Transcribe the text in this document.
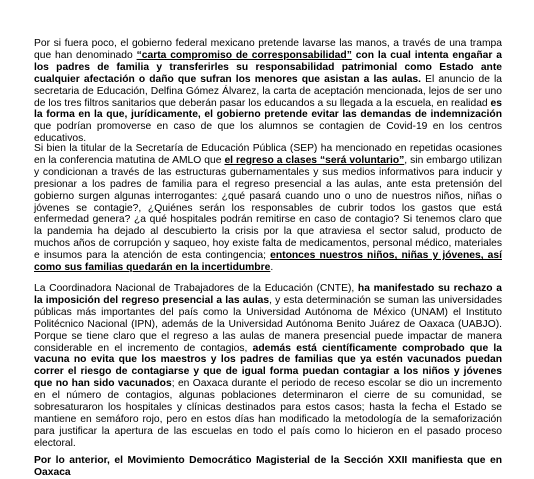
Por si fuera poco, el gobierno federal mexicano pretende lavarse las manos, a través de una trampa que han denominado “carta compromiso de corresponsabilidad” con la cual intenta engañar a los padres de familia y transferirles su responsabilidad patrimonial como Estado ante cualquier afectación o daño que sufran los menores que asistan a las aulas. El anuncio de la secretaria de Educación, Delfina Gómez Álvarez, la carta de aceptación mencionada, lejos de ser uno de los tres filtros sanitarios que deberán pasar los educandos a su llegada a la escuela, en realidad es la forma en la que, jurídicamente, el gobierno pretende evitar las demandas de indemnización que podrían promoverse en caso de que los alumnos se contagien de Covid-19 en los centros educativos.

Si bien la titular de la Secretaría de Educación Pública (SEP) ha mencionado en repetidas ocasiones en la conferencia matutina de AMLO que el regreso a clases “será voluntario”, sin embargo utilizan y condicionan a través de las estructuras gubernamentales y sus medios informativos para inducir y presionar a los padres de familia para el regreso presencial a las aulas, ante esta pretensión del gobierno surgen algunas interrogantes: ¿qué pasará cuando uno o uno de nuestros niños, niñas o jóvenes se contagie?, ¿Quiénes serán los responsables de cubrir todos los gastos que está enfermedad genera? ¿a qué hospitales podrán remitirse en caso de contagio? Si tenemos claro que la pandemia ha dejado al descubierto la crisis por la que atraviesa el sector salud, producto de muchos años de corrupción y saqueo, hoy existe falta de medicamentos, personal médico, materiales e insumos para la atención de esta contingencia; entonces nuestros niños, niñas y jóvenes, así como sus familias quedarán en la incertidumbre.

La Coordinadora Nacional de Trabajadores de la Educación (CNTE), ha manifestado su rechazo a la imposición del regreso presencial a las aulas, y esta determinación se suman las universidades públicas más importantes del país como la Universidad Autónoma de México (UNAM) el Instituto Politécnico Nacional (IPN), además de la Universidad Autónoma Benito Juárez de Oaxaca (UABJO). Porque se tiene claro que el regreso a las aulas de manera presencial puede impactar de manera considerable en el incremento de contagios, además está científicamente comprobado que la vacuna no evita que los maestros y los padres de familias que ya estén vacunados puedan correr el riesgo de contagiarse y que de igual forma puedan contagiar a los niños y jóvenes que no han sido vacunados; en Oaxaca durante el periodo de receso escolar se dio un incremento en el número de contagios, algunas poblaciones determinaron el cierre de su comunidad, se sobresaturaron los hospitales y clínicas destinados para estos casos; hasta la fecha el Estado se mantiene en semáforo rojo, pero en estos días han modificado la metodología de la semaforización para justificar la apertura de las escuelas en todo el país como lo hicieron en el pasado proceso electoral.

Por lo anterior, el Movimiento Democrático Magisterial de la Sección XXII manifiesta que en Oaxaca
